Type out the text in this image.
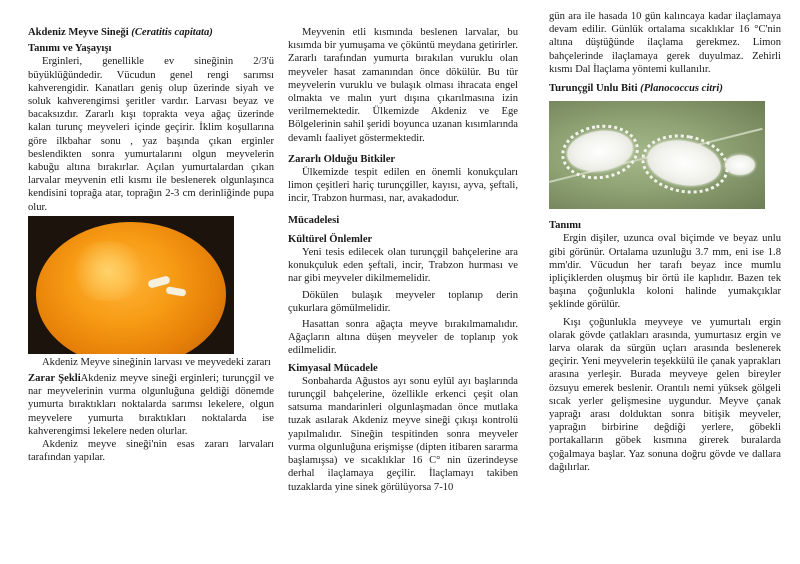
Akdeniz Meyve Sineği (Ceratitis capitata)

Tanımı ve Yaşayışı

Erginleri, genellikle ev sineğinin 2/3'ü büyüklüğündedir. Vücudun genel rengi sarımsı kahverengidir. Kanatları geniş olup üzerinde siyah ve soluk kahverengimsi şeritler vardır. Larvası beyaz ve bacaksızdır. Zararlı kışı toprakta veya ağaç üzerinde kalan turunç meyveleri içinde geçirir. İklim koşullarına göre ilkbahar sonu , yaz başında çıkan erginler beslendikten sonra yumurtalarını olgun meyvelerin kabuğu altına bırakırlar. Açılan yumurtalardan çıkan larvalar meyvenin etli kısmı ile beslenerek olgunlaşınca kendisini toprağa atar, toprağın 2-3 cm derinliğinde pupa olur.

Akdeniz Meyve sineğinin larvası ve meyvedeki zararı

Zarar ŞekliAkdeniz meyve sineği erginleri; turunçgil ve nar meyvelerinin vurma olgunluğuna geldiği dönemde yumurta bıraktıkları noktalarda sarımsı lekelere, olgun meyvelere yumurta bıraktıkları noktalarda ise kahverengimsi lekelere neden olurlar.

Akdeniz meyve sineği'nin esas zararı larvaları tarafından yapılar.

Meyvenin etli kısmında beslenen larvalar, bu kısımda bir yumuşama ve çökün​tü meydana getirirler. Zararlı tarafından yumurta bırakılan vuruklu olan meyveler hasat zamanından önce dökülür. Bu tür meyvelerin vuruklu ve bulaşık olması ihracata engel olmakta ve malın yurt dışına çıkarılmasına izin verilmemektedir. Ülkemizde Akdeniz ve Ege Bölgelerinin sahil şeridi boyunca uzanan kısımlarında devamlı faaliyet göstermektedir.

Zararlı Olduğu Bitkiler

Ülkemizde tespit edilen en önemli konukçuları limon çeşitleri hariç turunçgiller, kayısı, ayva, şeftali, incir, Trabzon hurması, nar, avakadodur.

Mücadelesi

Kültürel Önlemler

Yeni tesis edilecek olan turunçgil bahçelerine ara konukçuluk eden şeftali, incir, Trabzon hurması ve nar gibi meyveler dikilmemelidir.

Dökülen bulaşık meyveler toplanıp derin çukurlara gömülmelidir.

Hasattan sonra ağaçta meyve bırakılmamalıdır. Ağaçların altına düşen meyveler de toplanıp yok edilmelidir.

Kimyasal Mücadele

Sonbaharda Ağustos ayı sonu eylül ayı başlarında turunçgil bahçelerine, özellikle erkenci çeşit olan satsuma mandarinleri olgunlaşmadan önce mutlaka tuzak asılarak Akdeniz meyve sineği çıkışı kontrolü yapılmalıdır. Sineğin tespitinden sonra meyveler vurma olgunluğuna erişmişse (dipten itibaren sararma başlamışsa) ve sıcaklıklar 16 C° nin üzerindeyse derhal ilaçlamaya geçilir. İlaçlamayı takiben tuzaklarda yine sinek görülüyorsa 7-10

gün ara ile hasada 10 gün kalıncaya kadar ilaçlamaya devam edilir. Günlük ortalama sıcaklıklar 16 °C'nin altına düştüğünde ilaçlama gerekmez. Limon bahçelerinde ilaçlamaya gerek duyulmaz. Zehirli kısmı Dal İlaçlama yöntemi kullanılır.

Turunçgil Unlu Biti (Planococcus citri)

Tanımı

Ergin dişiler, uzunca oval biçimde ve beyaz unlu gibi görünür. Ortalama uzunluğu 3.7 mm, eni ise 1.8 mm'dir. Vücudun her tarafı beyaz ince mumlu ipliçiklerden oluşmuş bir örtü ile kaplıdır. Bazen tek başına çoğunlukla koloni halinde yumakçıklar şeklinde görülür.

Kışı çoğunlukla meyveye ve yumurtalı ergin olarak gövde çatlakları arasında, yumurtasız ergin ve larva olarak da sürgün uçları arasında beslenerek geçirir. Yeni meyvelerin teşekkülü ile çanak yaprakları arasına yerleşir. Burada meyveye gelen bireyler özsuyu emerek beslenir. Orantılı nemi yüksek gölgeli sıcak yerler gelişmesine uygundur. Meyve çanak yaprağı arası dolduktan sonra bitişik meyveler, yaprağın birbirine değdiği yerlere, göbekli portakalların göbek kısmına girerek buralarda çoğalmaya başlar. Yaz sonuna doğru gövde ve dallara dağılırlar.
